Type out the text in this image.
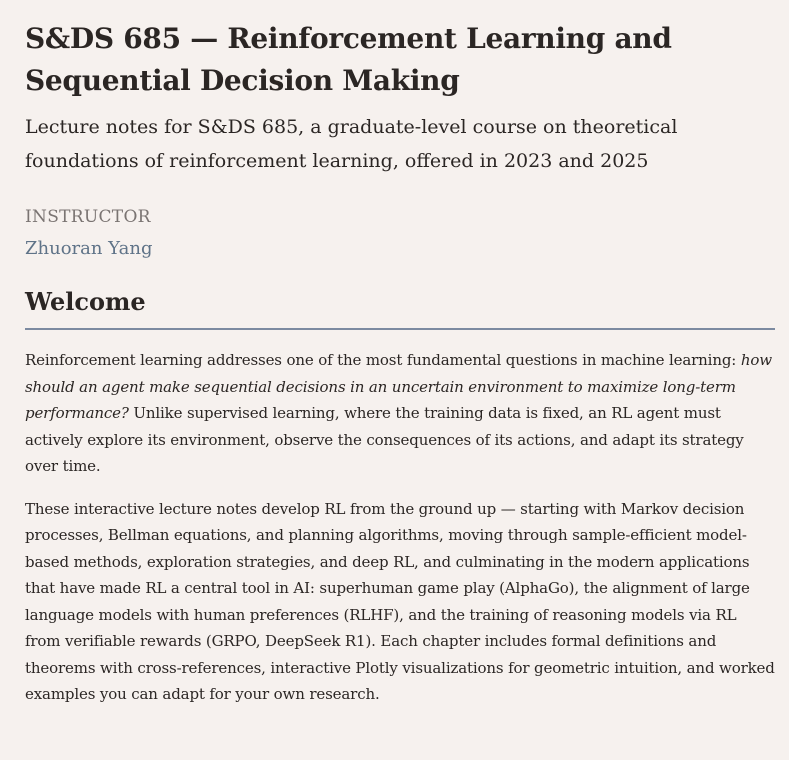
S&DS 685 — Reinforcement Learning and Sequential Decision Making

Lecture notes for S&DS 685, a graduate-level course on theoretical foundations of reinforcement learning, offered in 2023 and 2025

INSTRUCTOR
Zhuoran Yang
Welcome

Reinforcement learning addresses one of the most fundamental questions in machine learning: how should an agent make sequential decisions in an uncertain environment to maximize long-term performance? Unlike supervised learning, where the training data is fixed, an RL agent must actively explore its environment, observe the consequences of its actions, and adapt its strategy over time.

These interactive lecture notes develop RL from the ground up — starting with Markov decision processes, Bellman equations, and planning algorithms, moving through sample-efficient model-based methods, exploration strategies, and deep RL, and culminating in the modern applications that have made RL a central tool in AI: superhuman game play (AlphaGo), the alignment of large language models with human preferences (RLHF), and the training of reasoning models via RL from verifiable rewards (GRPO, DeepSeek R1). Each chapter includes formal definitions and theorems with cross-references, interactive Plotly visualizations for geometric intuition, and worked examples you can adapt for your own research.
